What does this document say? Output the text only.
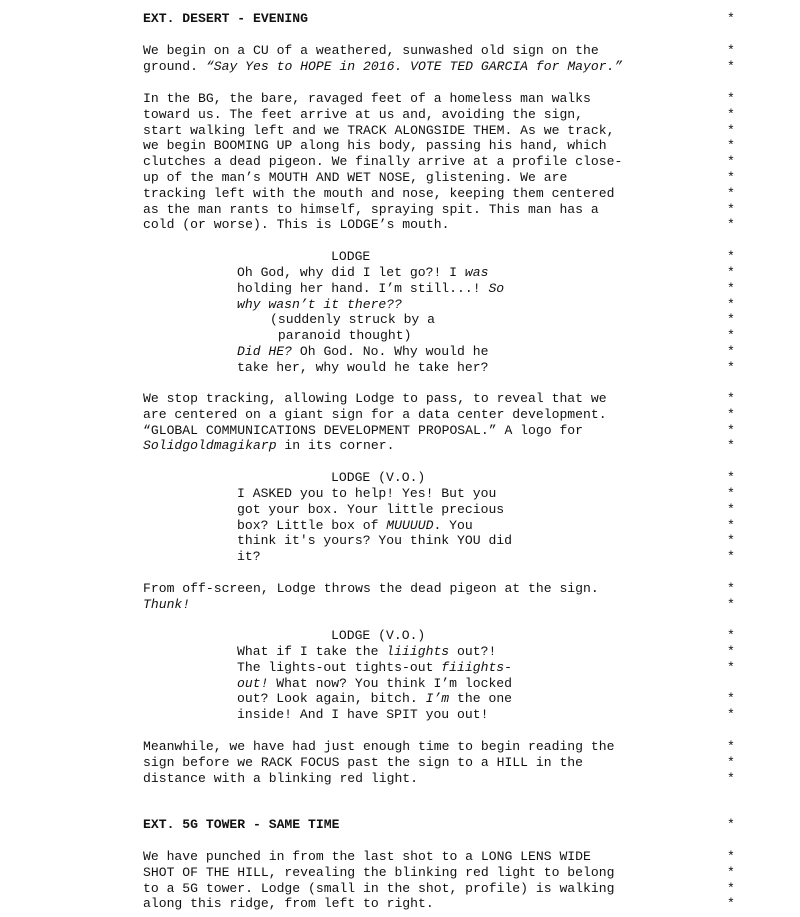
EXT. DESERT - EVENING	*
We begin on a CU of a weathered, sunwashed old sign on the
ground. “Say Yes to HOPE in 2016. VOTE TED GARCIA for Mayor.”
*
*
In the BG, the bare, ravaged feet of a homeless man walks
toward us. The feet arrive at us and, avoiding the sign,
start walking left and we TRACK ALONGSIDE THEM. As we track,
we begin BOOMING UP along his body, passing his hand, which
clutches a dead pigeon. We finally arrive at a profile close-
up of the man’s MOUTH AND WET NOSE, glistening. We are
tracking left with the mouth and nose, keeping them centered
as the man rants to himself, spraying spit. This man has a
cold (or worse). This is LODGE’s mouth.
*
*
*
*
*
*
*
*
*
LODGE	*
Oh God, why did I let go?! I was
holding her hand. I’m still...! So
why wasn’t it there??
*
*
*
(suddenly struck by a
paranoid thought)
*
*
Did HE? Oh God. No. Why would he
take her, why would he take her?
*
*
We stop tracking, allowing Lodge to pass, to reveal that we
are centered on a giant sign for a data center development.
“GLOBAL COMMUNICATIONS DEVELOPMENT PROPOSAL.” A logo for
Solidgoldmagikarp in its corner.
*
*
*
*
LODGE (V.O.)	*
I ASKED you to help! Yes! But you
got your box. Your little precious
box? Little box of MUUUUD. You
think it's yours? You think YOU did
it?
*
*
*
*
*
From off-screen, Lodge throws the dead pigeon at the sign.
Thunk!
*
*
LODGE (V.O.)	*
What if I take the liiights out?!
The lights-out tights-out fiiights-
out! What now? You think I’m locked
out? Look again, bitch. I’m the one
inside! And I have SPIT you out!
*
*
*
*
Meanwhile, we have had just enough time to begin reading the
sign before we RACK FOCUS past the sign to a HILL in the
distance with a blinking red light.
*
*
*
EXT. 5G TOWER - SAME TIME	*
We have punched in from the last shot to a LONG LENS WIDE
SHOT OF THE HILL, revealing the blinking red light to belong
to a 5G tower. Lodge (small in the shot, profile) is walking
along this ridge, from left to right.
*
*
*
*
